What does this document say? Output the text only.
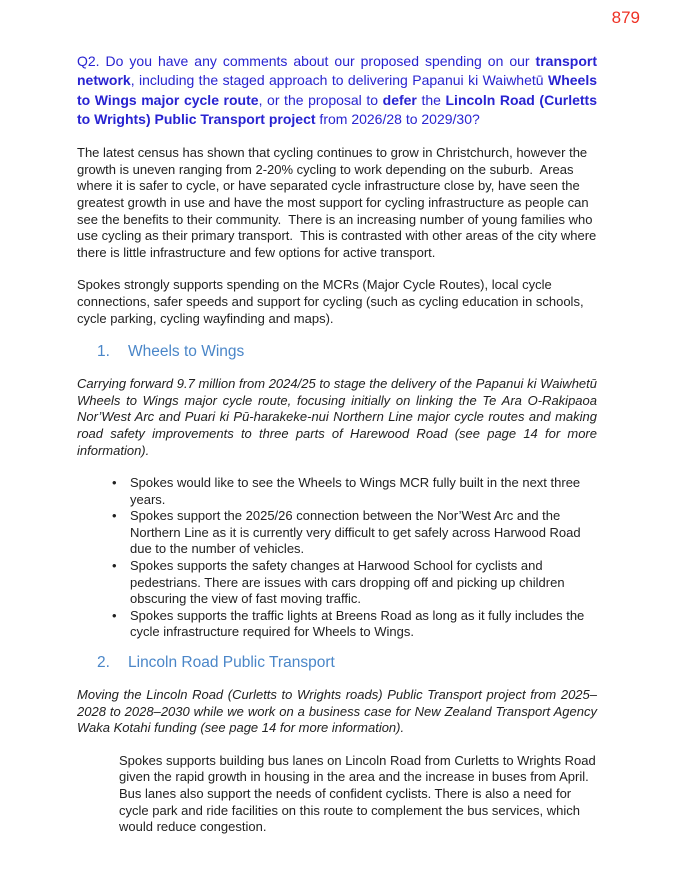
879

Q2. Do you have any comments about our proposed spending on our transport network, including the staged approach to delivering Papanui ki Waiwhetū Wheels to Wings major cycle route, or the proposal to defer the Lincoln Road (Curletts to Wrights) Public Transport project from 2026/28 to 2029/30?

The latest census has shown that cycling continues to grow in Christchurch, however the growth is uneven ranging from 2-20% cycling to work depending on the suburb.  Areas where it is safer to cycle, or have separated cycle infrastructure close by, have seen the greatest growth in use and have the most support for cycling infrastructure as people can see the benefits to their community.  There is an increasing number of young families who use cycling as their primary transport.  This is contrasted with other areas of the city where there is little infrastructure and few options for active transport.

Spokes strongly supports spending on the MCRs (Major Cycle Routes), local cycle connections, safer speeds and support for cycling (such as cycling education in schools, cycle parking, cycling wayfinding and maps).

1. Wheels to Wings

Carrying forward 9.7 million from 2024/25 to stage the delivery of the Papanui ki Waiwhetū Wheels to Wings major cycle route, focusing initially on linking the Te Ara O-Rakipaoa Nor’West Arc and Puari ki Pū-harakeke-nui Northern Line major cycle routes and making road safety improvements to three parts of Harewood Road (see page 14 for more information).

• Spokes would like to see the Wheels to Wings MCR fully built in the next three years.
• Spokes support the 2025/26 connection between the Nor’West Arc and the Northern Line as it is currently very difficult to get safely across Harwood Road due to the number of vehicles.
• Spokes supports the safety changes at Harwood School for cyclists and pedestrians. There are issues with cars dropping off and picking up children obscuring the view of fast moving traffic.
• Spokes supports the traffic lights at Breens Road as long as it fully includes the cycle infrastructure required for Wheels to Wings.
2. Lincoln Road Public Transport

Moving the Lincoln Road (Curletts to Wrights roads) Public Transport project from 2025–2028 to 2028–2030 while we work on a business case for New Zealand Transport Agency Waka Kotahi funding (see page 14 for more information).

Spokes supports building bus lanes on Lincoln Road from Curletts to Wrights Road given the rapid growth in housing in the area and the increase in buses from April. Bus lanes also support the needs of confident cyclists. There is also a need for cycle park and ride facilities on this route to complement the bus services, which would reduce congestion.
